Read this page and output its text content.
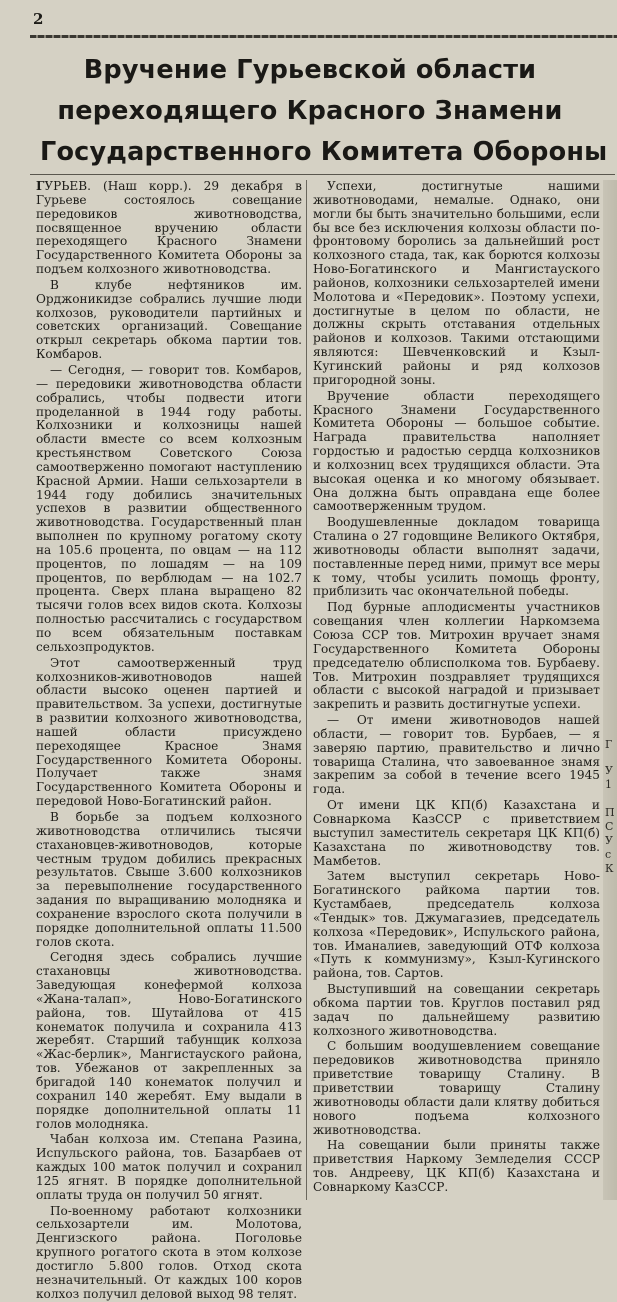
2
Вручение Гурьевской области
переходящего Красного Знамени
Государственного Комитета Обороны

ГУРЬЕВ. (Наш корр.). 29 декабря в Гурьеве состоялось совещание передовиков животноводства, посвященное вручению области переходящего Красного Знамени Государственного Комитета Обороны за подъем колхозного животноводства.

В клубе нефтяников им. Орджоникидзе собрались лучшие люди колхозов, руководители партийных и советских организаций. Совещание открыл секретарь обкома партии тов. Комбаров.

— Сегодня, — говорит тов. Комбаров, — передовики животноводства области собрались, чтобы подвести итоги проделанной в 1944 году работы. Колхозники и колхозницы нашей области вместе со всем колхозным крестьянством Советского Союза самоотверженно помогают наступлению Красной Армии. Наши сельхозартели в 1944 году добились значительных успехов в развитии общественного животноводства. Государственный план выполнен по крупному рогатому скоту на 105.6 процента, по овцам — на 112 процентов, по лошадям — на 109 процентов, по верблюдам — на 102.7 процента. Сверх плана выращено 82 тысячи голов всех видов скота. Колхозы полностью рассчитались с государством по всем обязательным поставкам сельхозпродуктов.

Этот самоотверженный труд колхозников-животноводов нашей области высоко оценен партией и правительством. За успехи, достигнутые в развитии колхозного животноводства, нашей области присуждено переходящее Красное Знамя Государственного Комитета Обороны. Получает также знамя Государственного Комитета Обороны и передовой Ново-Богатинский район.

В борьбе за подъем колхозного животноводства отличились тысячи стахановцев-животноводов, которые честным трудом добились прекрасных результатов. Свыше 3.600 колхозников за перевыполнение государственного задания по выращиванию молодняка и сохранение взрослого скота получили в порядке дополнительной оплаты 11.500 голов скота.

Сегодня здесь собрались лучшие стахановцы животноводства. Заведующая конефермой колхоза «Жана-талап», Ново-Богатинского района, тов. Шутайлова от 415 конематок получила и сохранила 413 жеребят. Старший табунщик колхоза «Жас-берлик», Мангистауского района, тов. Убежанов от закрепленных за бригадой 140 конематок получил и сохранил 140 жеребят. Ему выдали в порядке дополнительной оплаты 11 голов молодняка.

Чабан колхоза им. Степана Разина, Испульского района, тов. Базарбаев от каждых 100 маток получил и сохранил 125 ягнят. В порядке дополнительной оплаты труда он получил 50 ягнят.

По-военному работают колхозники сельхозартели им. Молотова, Денгизского района. Поголовье крупного рогатого скота в этом колхозе достигло 5.800 голов. Отход скота незначительный. От каждых 100 коров колхоз получил деловой выход 98 телят.

Успехи, достигнутые нашими животноводами, немалые. Однако, они могли бы быть значительно большими, если бы все без исключения колхозы области по-фронтовому боролись за дальнейший рост колхозного стада, так, как борются колхозы Ново-Богатинского и Мангистауского районов, колхозники сельхозартелей имени Молотова и «Передовик». Поэтому успехи, достигнутые в целом по области, не должны скрыть отставания отдельных районов и колхозов. Такими отстающими являются: Шевченковский и Кзыл-Кугинский районы и ряд колхозов пригородной зоны.

Вручение области переходящего Красного Знамени Государственного Комитета Обороны — большое событие. Награда правительства наполняет гордостью и радостью сердца колхозников и колхозниц всех трудящихся области. Эта высокая оценка и ко многому обязывает. Она должна быть оправдана еще более самоотверженным трудом.

Воодушевленные докладом товарища Сталина о 27 годовщине Великого Октября, животноводы области выполнят задачи, поставленные перед ними, примут все меры к тому, чтобы усилить помощь фронту, приблизить час окончательной победы.

Под бурные аплодисменты участников совещания член коллегии Наркомзема Союза ССР тов. Митрохин вручает знамя Государственного Комитета Обороны председателю облисполкома тов. Бурбаеву. Тов. Митрохин поздравляет трудящихся области с высокой наградой и призывает закрепить и развить достигнутые успехи.

— От имени животноводов нашей области, — говорит тов. Бурбаев, — я заверяю партию, правительство и лично товарища Сталина, что завоеванное знамя закрепим за собой в течение всего 1945 года.

От имени ЦК КП(б) Казахстана и Совнаркома КазССР с приветствием выступил заместитель секретаря ЦК КП(б) Казахстана по животноводству тов. Мамбетов.

Затем выступил секретарь Ново-Богатинского райкома партии тов. Кустамбаев, председатель колхоза «Тендык» тов. Джумагазиев, председатель колхоза «Передовик», Испульского района, тов. Иманалиев, заведующий ОТФ колхоза «Путь к коммунизму», Кзыл-Кугинского района, тов. Сартов.

Выступивший на совещании секретарь обкома партии тов. Круглов поставил ряд задач по дальнейшему развитию колхозного животноводства.

С большим воодушевлением совещание передовиков животноводства приняло приветствие товарищу Сталину. В приветствии товарищу Сталину животноводы области дали клятву добиться нового подъема колхозного животноводства.

На совещании были приняты также приветствия Наркому Земледелия СССР тов. Андрееву, ЦК КП(б) Казахстана и Совнаркому КазССР.

Г
У
1
П
С
У
с
К
